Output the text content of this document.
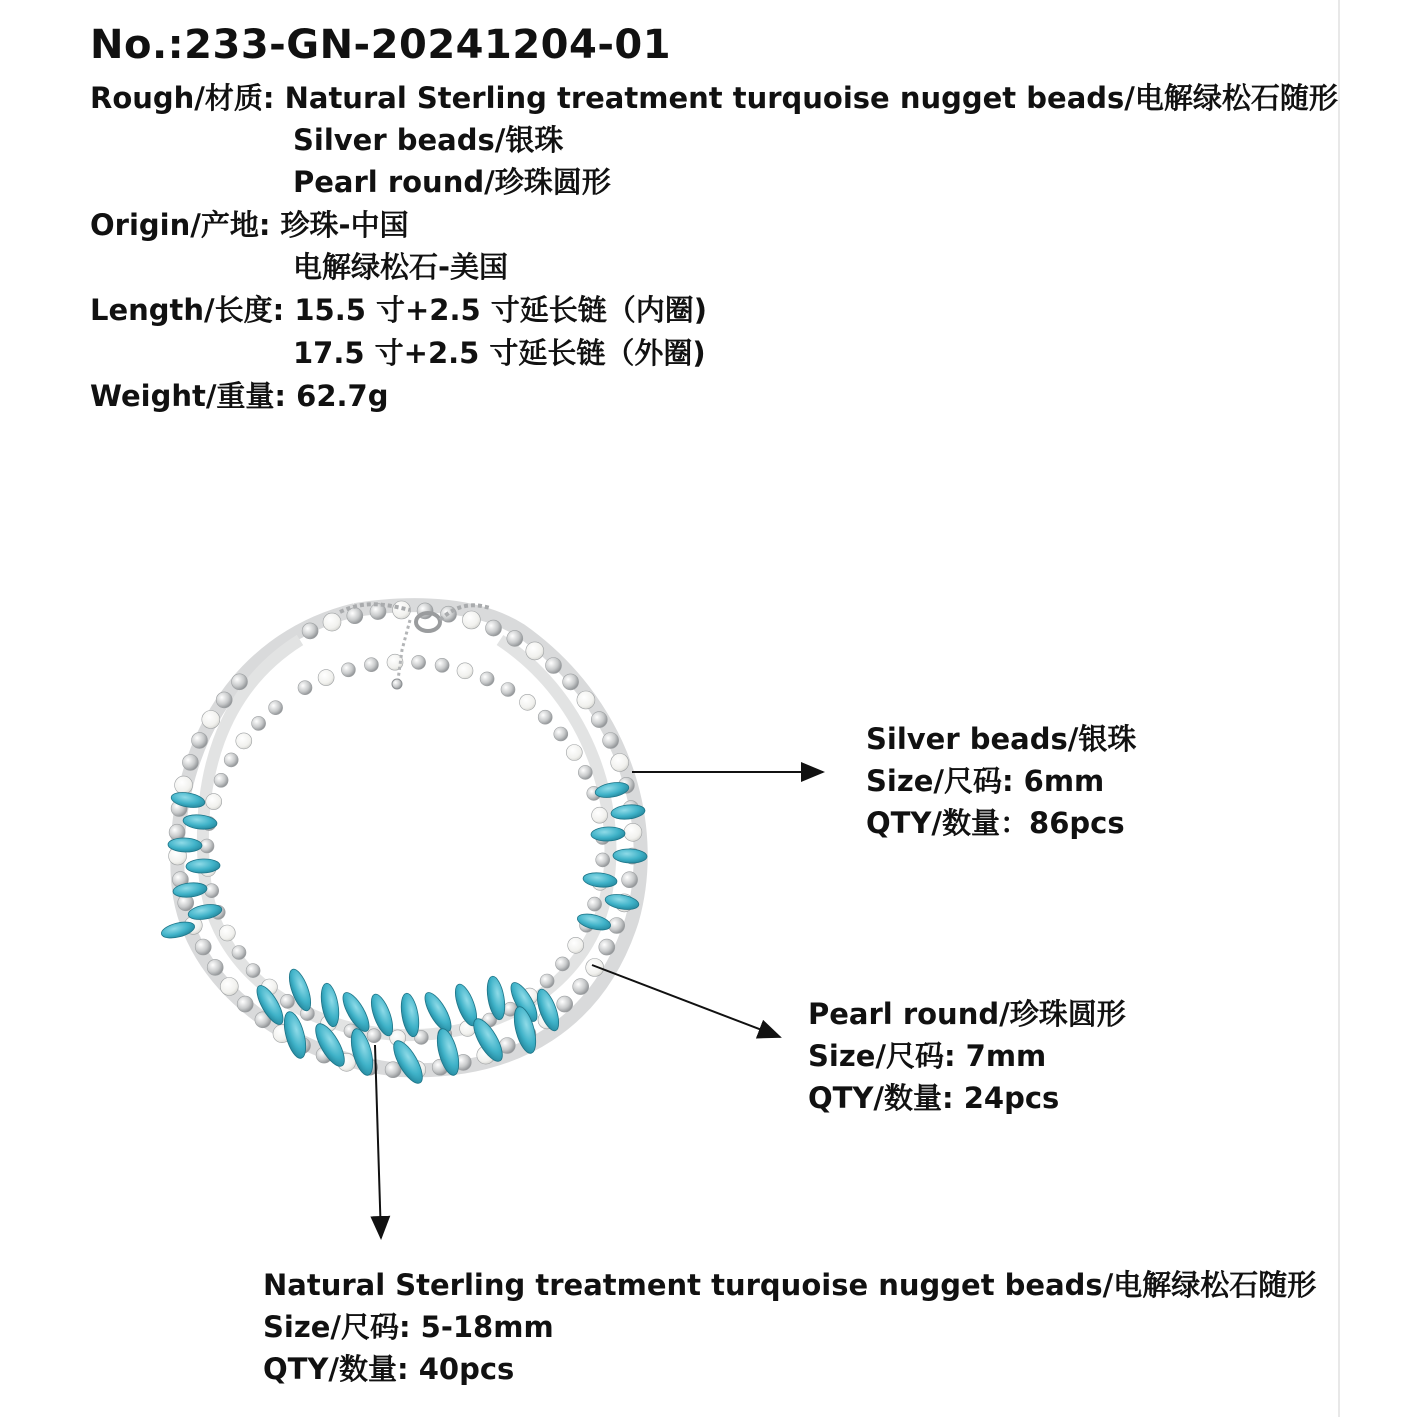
No.:233-GN-20241204-01
Rough/材质: Natural Sterling treatment turquoise nugget beads/电解绿松石随形
Silver beads/银珠
Pearl round/珍珠圆形
Origin/产地: 珍珠-中国
电解绿松石-美国
Length/长度: 15.5 寸+2.5 寸延长链（内圈)
17.5 寸+2.5 寸延长链（外圈)
Weight/重量: 62.7g
Silver beads/银珠
Size/尺码: 6mm
QTY/数量：86pcs
Pearl round/珍珠圆形
Size/尺码: 7mm
QTY/数量: 24pcs
Natural Sterling treatment turquoise nugget beads/电解绿松石随形
Size/尺码: 5-18mm
QTY/数量: 40pcs
